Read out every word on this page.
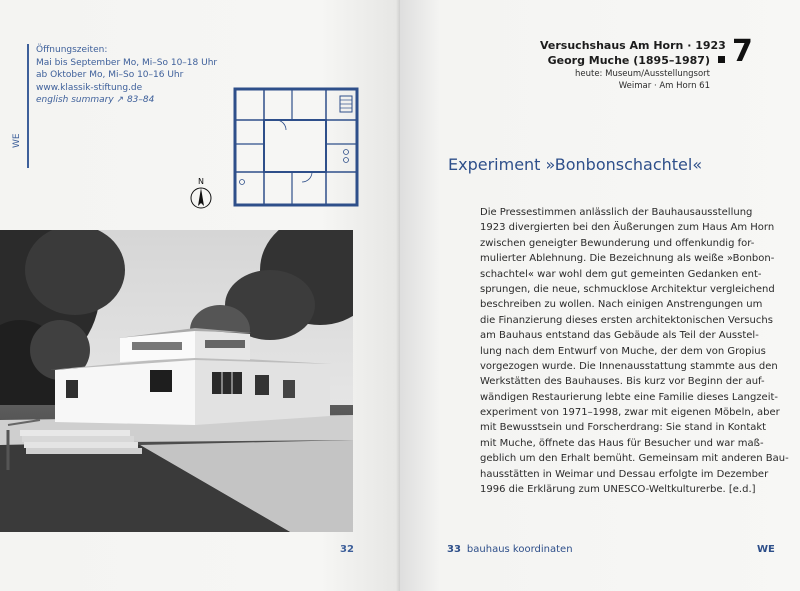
Öffnungszeiten:
Mai bis September Mo, Mi–So 10–18 Uhr
ab Oktober Mo, Mi–So 10–16 Uhr
www.klassik-stiftung.de
english summary ↗ 83–84
WE
N
32
Versuchshaus Am Horn · 1923
Georg Muche (1895–1987)
heute: Museum/Ausstellungsort
Weimar · Am Horn 61
7
Experiment »Bonbonschachtel«
Die Pressestimmen anlässlich der Bauhausausstellung
1923 divergierten bei den Äußerungen zum Haus Am Horn
zwischen geneigter Bewunderung und offenkundig for-
mulierter Ablehnung. Die Bezeichnung als weiße »Bonbon-
schachtel« war wohl dem gut gemeinten Gedanken ent-
sprungen, die neue, schmucklose Architektur vergleichend
beschreiben zu wollen. Nach einigen Anstrengungen um
die Finanzierung dieses ersten architektonischen Versuchs
am Bauhaus entstand das Gebäude als Teil der Ausstel-
lung nach dem Entwurf von Muche, der dem von Gropius
vorgezogen wurde. Die Innenausstattung stammte aus den
Werkstätten des Bauhauses. Bis kurz vor Beginn der auf-
wändigen Restaurierung lebte eine Familie dieses Langzeit-
experiment von 1971–1998, zwar mit eigenen Möbeln, aber
mit Bewusstsein und Forscherdrang: Sie stand in Kontakt
mit Muche, öffnete das Haus für Besucher und war maß-
geblich um den Erhalt bemüht. Gemeinsam mit anderen Bau-
hausstätten in Weimar und Dessau erfolgte im Dezember
1996 die Erklärung zum UNESCO-Weltkulturerbe. [e.d.]
33 bauhaus koordinaten	WE
